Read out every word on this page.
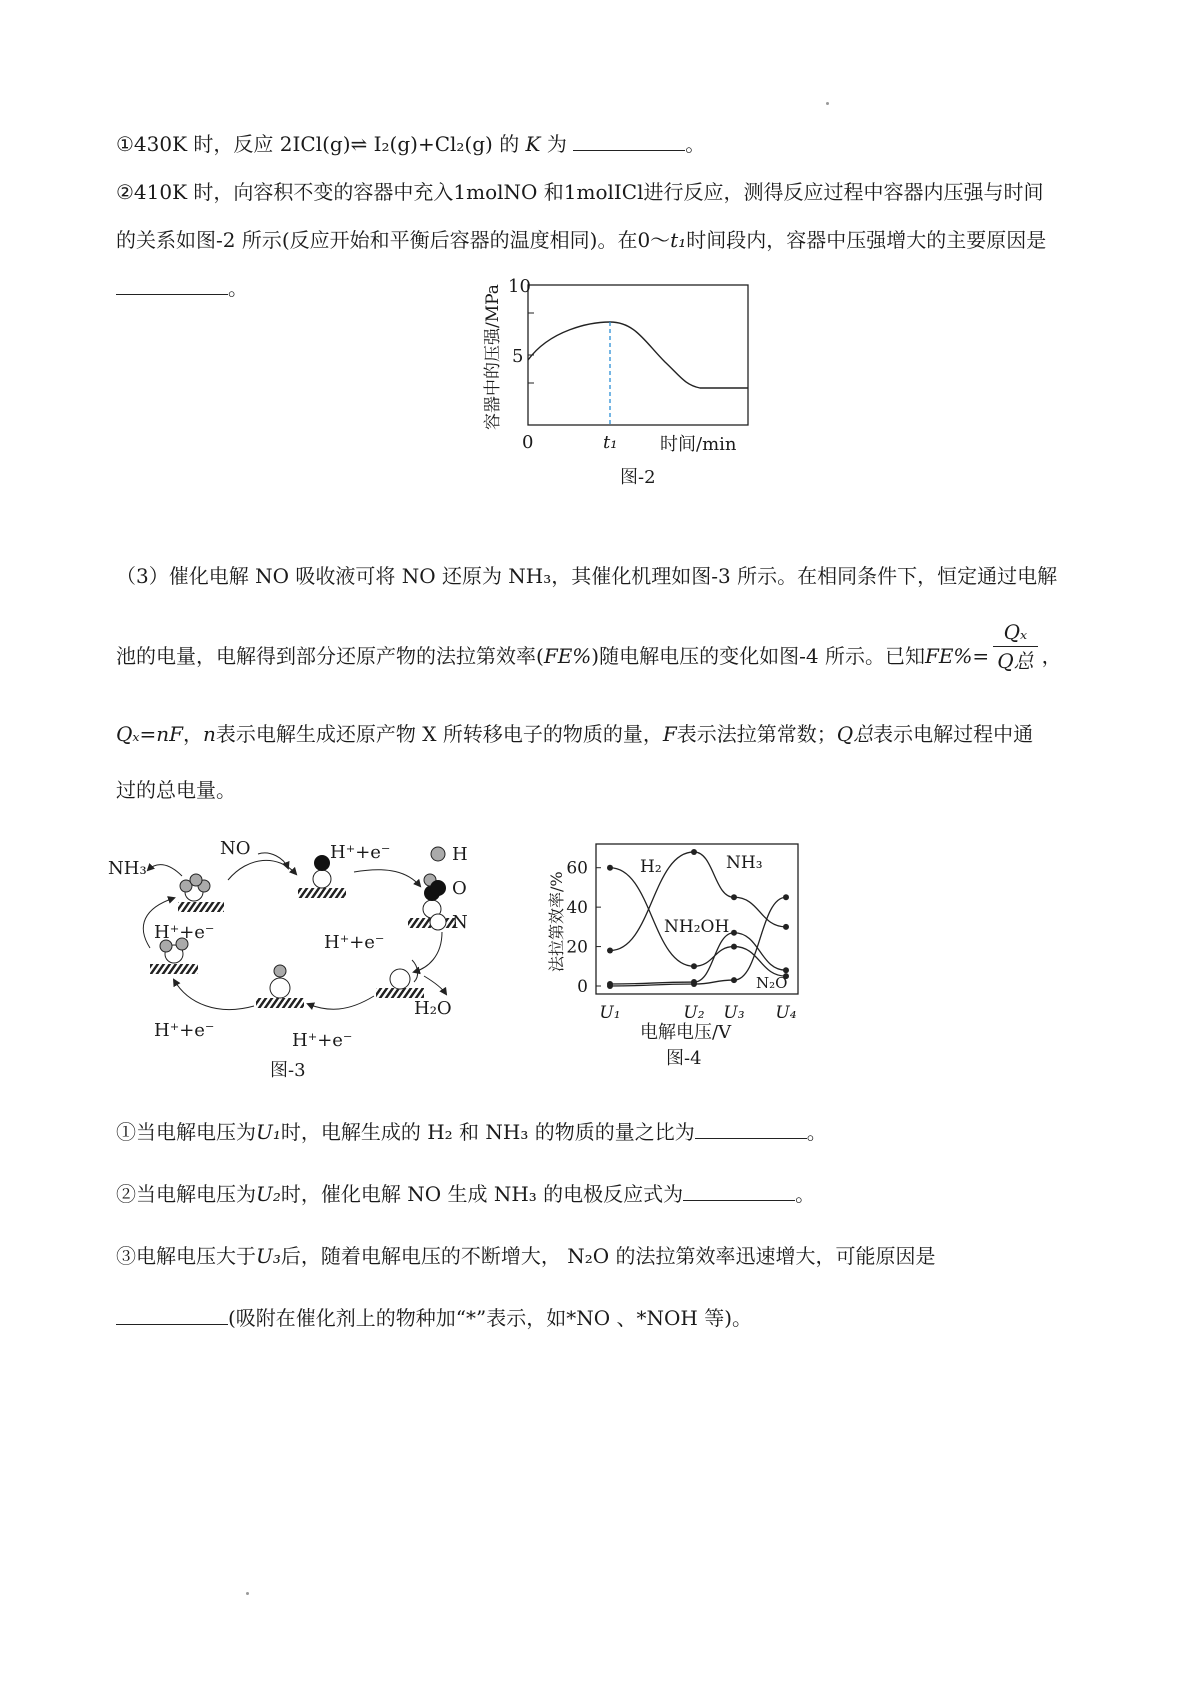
①430K 时，反应 2ICl(g)⇌ I₂(g)+Cl₂(g) 的 K 为	。
②410K 时，向容积不变的容器中充入1molNO 和1molICl进行反应，测得反应过程中容器内压强与时间
的关系如图-2 所示(反应开始和平衡后容器的温度相同)。在0～t₁时间段内，容器中压强增大的主要原因是
。	10
5
0	t₁ 时间/min
容器中的压强/MPa
图-2
（3）催化电解 NO 吸收液可将 NO 还原为 NH₃，其催化机理如图-3 所示。在相同条件下，恒定通过电解
池的电量，电解得到部分还原产物的法拉第效率(FE%)随电解电压的变化如图-4 所示。已知$FE\%= \frac{\text{Qₓ}}{\text{Q总}}$ ，
Qₓ=nF，n表示电解生成还原产物 X 所转移电子的物质的量，F表示法拉第常数；Q总表示电解过程中通
过的总电量。
NH₃
NO
H₂O
H⁺+e⁻
H⁺+e⁻
H⁺+e⁻
H⁺+e⁻
H⁺+e⁻
H
O
N
图-3
0
20
40
60
U₁	U₂ U₃ U₄
H₂	NH₃
NH₂OH
N₂O
法拉第效率/%
电解电压/V
图-4
①当电解电压为U₁时，电解生成的 H₂ 和 NH₃ 的物质的量之比为	。
②当电解电压为U₂时，催化电解 NO 生成 NH₃ 的电极反应式为	。
③电解电压大于U₃后，随着电解电压的不断增大， N₂O 的法拉第效率迅速增大，可能原因是
(吸附在催化剂上的物种加“*”表示，如*NO 、*NOH 等)。
